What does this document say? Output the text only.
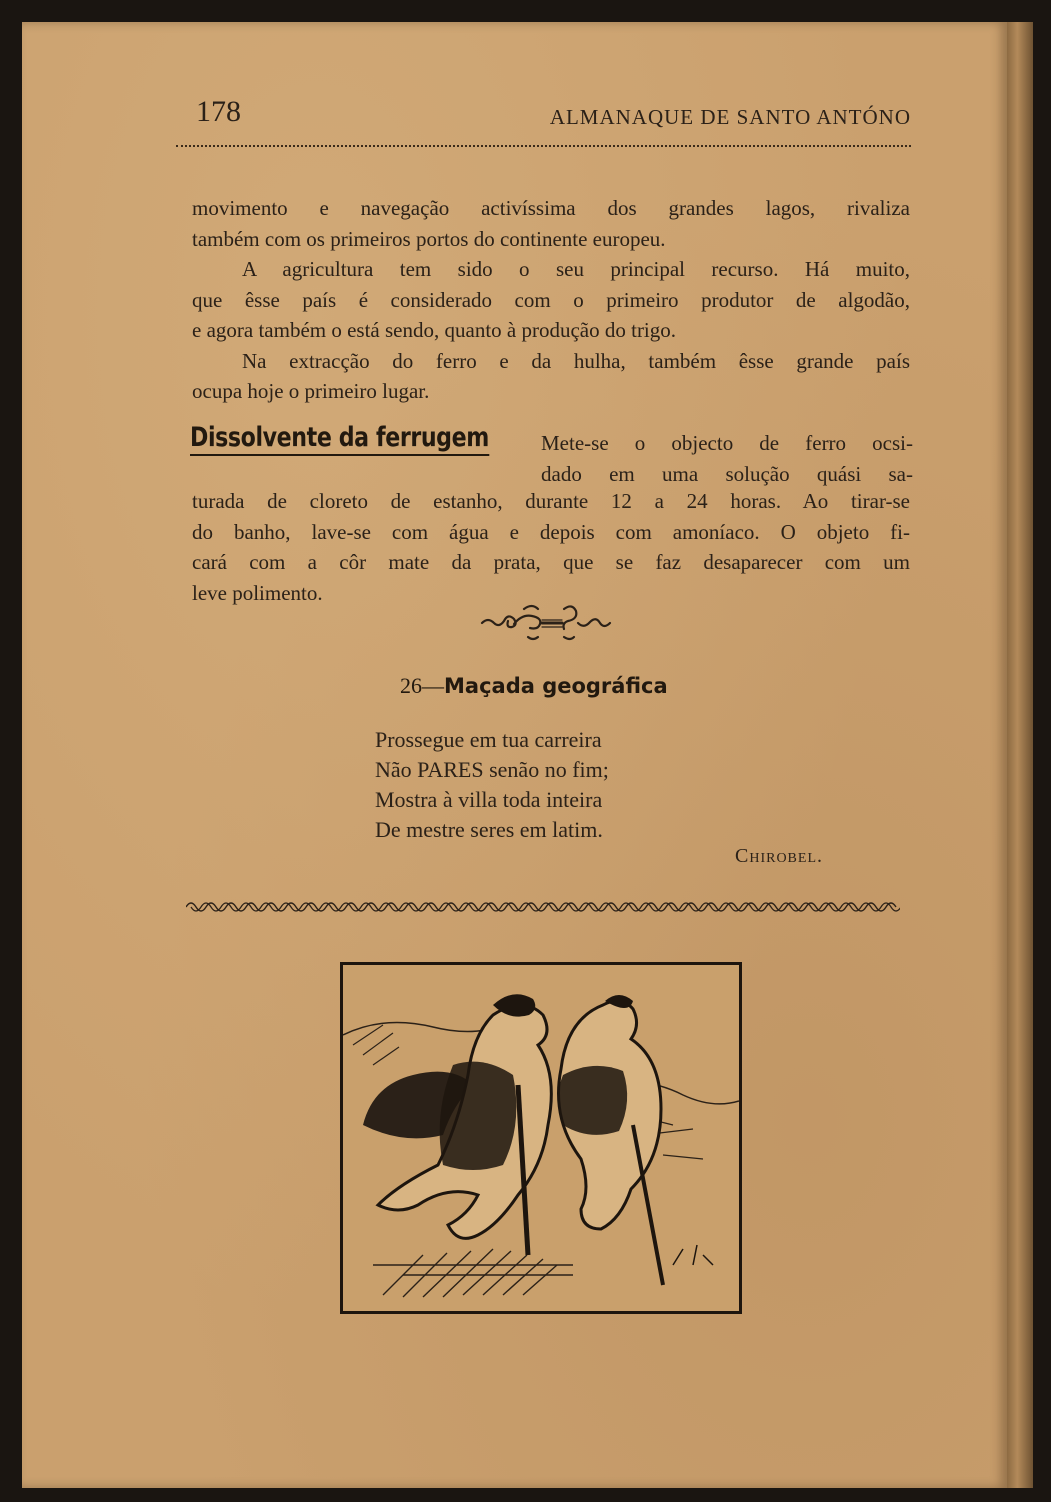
178	ALMANAQUE DE SANTO ANTÓNO
movimento e navegação activíssima dos grandes lagos, rivaliza
também com os primeiros portos do continente europeu.
A agricultura tem sido o seu principal recurso. Há muito,
que êsse país é considerado com o primeiro produtor de algodão,
e agora também o está sendo, quanto à produção do trigo.
Na extracção do ferro e da hulha, também êsse grande país
ocupa hoje o primeiro lugar.
Dissolvente da ferrugem Mete-se o objecto de ferro ocsi-
dado em uma solução quási sa-
turada de cloreto de estanho, durante 12 a 24 horas. Ao tirar-se
do banho, lave-se com água e depois com amoníaco. O objeto fi-
cará com a côr mate da prata, que se faz desaparecer com um
leve polimento.
26—Maçada geográfica
Prossegue em tua carreira
Não PARES senão no fim;
Mostra à villa toda inteira
De mestre seres em latim.
Chirobel.
